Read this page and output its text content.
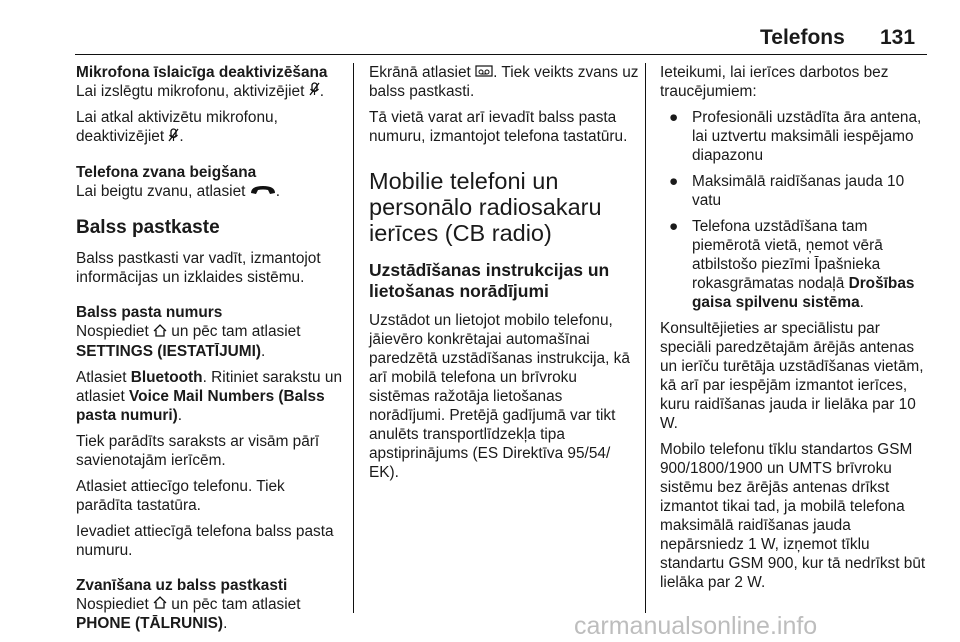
Telefons 131

Mikrofona īslaicīga deaktivizēšana

Lai izslēgtu mikrofonu, aktivizējiet .

Lai atkal aktivizētu mikrofonu, deaktivizējiet .

Telefona zvana beigšana

Lai beigtu zvanu, atlasiet .

Balss pastkaste

Balss pastkasti var vadīt, izmantojot informācijas un izklaides sistēmu.

Balss pasta numurs

Nospiediet un pēc tam atlasiet SETTINGS (IESTATĪJUMI).

Atlasiet Bluetooth. Ritiniet sarakstu un atlasiet Voice Mail Numbers (Balss pasta numuri).

Tiek parādīts saraksts ar visām pārī savienotajām ierīcēm.

Atlasiet attiecīgo telefonu. Tiek parādīta tastatūra.

Ievadiet attiecīgā telefona balss pasta numuru.

Zvanīšana uz balss pastkasti

Nospiediet un pēc tam atlasiet PHONE (TĀLRUNIS).

Ekrānā atlasiet . Tiek veikts zvans uz balss pastkasti.

Tā vietā varat arī ievadīt balss pasta numuru, izmantojot telefona tastatūru.

Mobilie telefoni un personālo radiosakaru ierīces (CB radio)
Uzstādīšanas instrukcijas un lietošanas norādījumi

Uzstādot un lietojot mobilo telefonu, jāievēro konkrētajai automašīnai paredzētā uzstādīšanas instrukcija, kā arī mobilā telefona un brīvroku sistēmas ražotāja lietošanas norādījumi. Pretējā gadījumā var tikt anulēts transportlīdzekļa tipa apstiprinājums (ES Direktīva 95/54/ EK).

Ieteikumi, lai ierīces darbotos bez traucējumiem:

● Profesionāli uzstādīta āra antena, lai uztvertu maksimāli iespējamo diapazonu
● Maksimālā raidīšanas jauda 10 vatu
● Telefona uzstādīšana tam piemērotā vietā, ņemot vērā atbilstošo piezīmi Īpašnieka rokasgrāmatas nodaļā Drošības gaisa spilvenu sistēma.

Konsultējieties ar speciālistu par speciāli paredzētajām ārējās antenas un ierīču turētāja uzstādīšanas vietām, kā arī par iespējām izmantot ierīces, kuru raidīšanas jauda ir lielāka par 10 W.

Mobilo telefonu tīklu standartos GSM 900/1800/1900 un UMTS brīvroku sistēmu bez ārējās antenas drīkst izmantot tikai tad, ja mobilā telefona maksimālā raidīšanas jauda nepārsniedz 1 W, izņemot tīklu standartu GSM 900, kur tā nedrīkst būt lielāka par 2 W.

carmanualsonline.info
